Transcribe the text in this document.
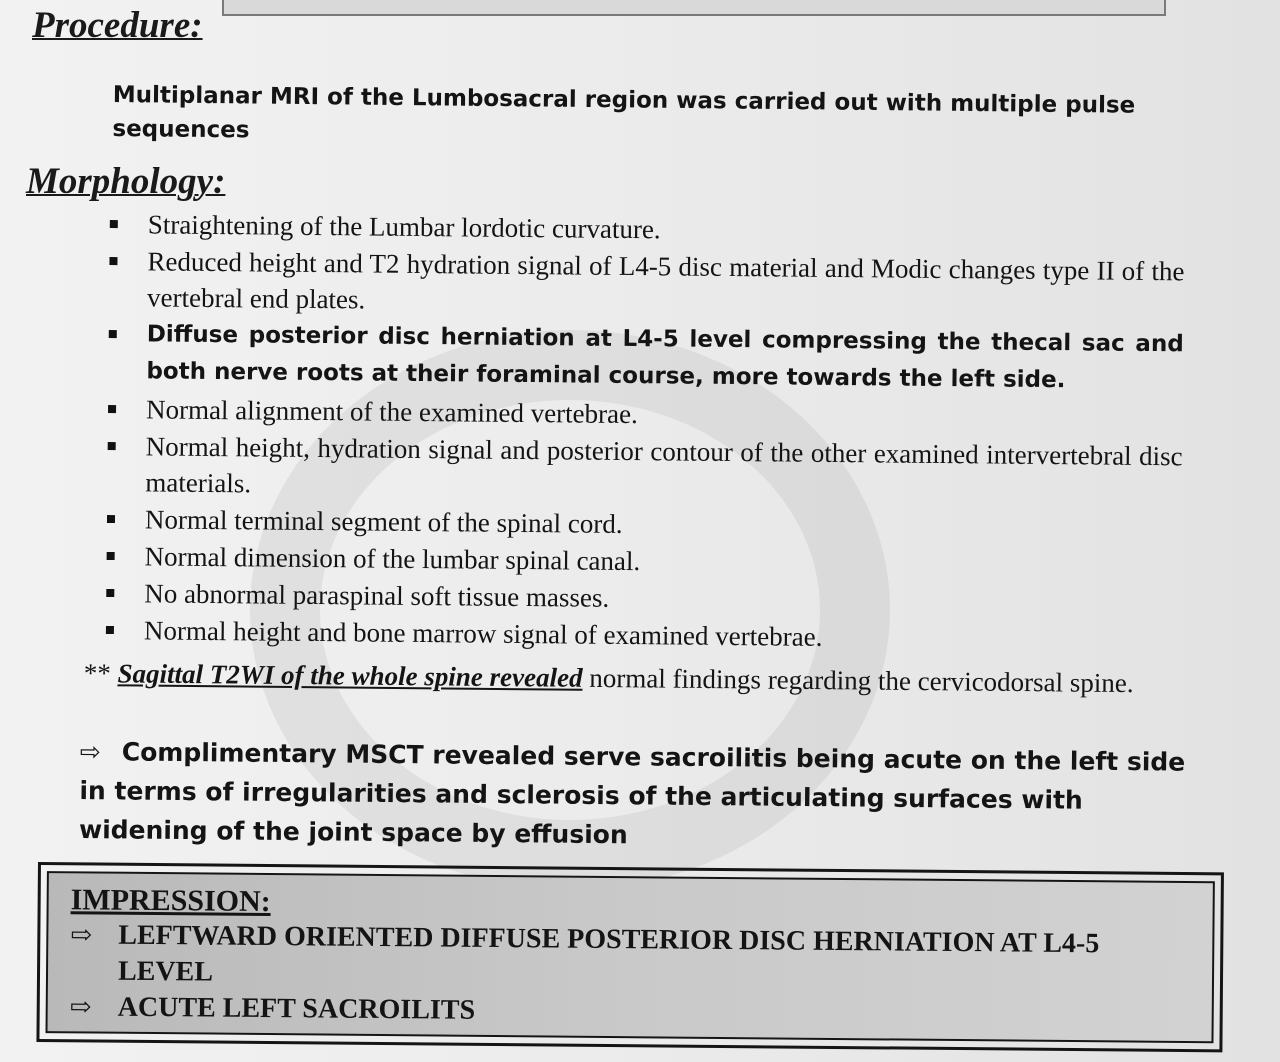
Procedure:
Multiplanar MRI of the Lumbosacral region was carried out with multiple pulse sequences
Morphology:
Straightening of the Lumbar lordotic curvature.
Reduced height and T2 hydration signal of L4-5 disc material and Modic changes type II of the vertebral end plates.
Diffuse posterior disc herniation at L4-5 level compressing the thecal sac and both nerve roots at their foraminal course, more towards the left side.
Normal alignment of the examined vertebrae.
Normal height, hydration signal and posterior contour of the other examined intervertebral disc materials.
Normal terminal segment of the spinal cord.
Normal dimension of the lumbar spinal canal.
No abnormal paraspinal soft tissue masses.
Normal height and bone marrow signal of examined vertebrae.
** Sagittal T2WI of the whole spine revealed normal findings regarding the cervicodorsal spine.
⇨ Complimentary MSCT revealed serve sacroilitis being acute on the left side in terms of irregularities and sclerosis of the articulating surfaces with widening of the joint space by effusion
IMPRESSION:
⇨ LEFTWARD ORIENTED DIFFUSE POSTERIOR DISC HERNIATION AT L4-5 LEVEL
⇨ ACUTE LEFT SACROILITS
